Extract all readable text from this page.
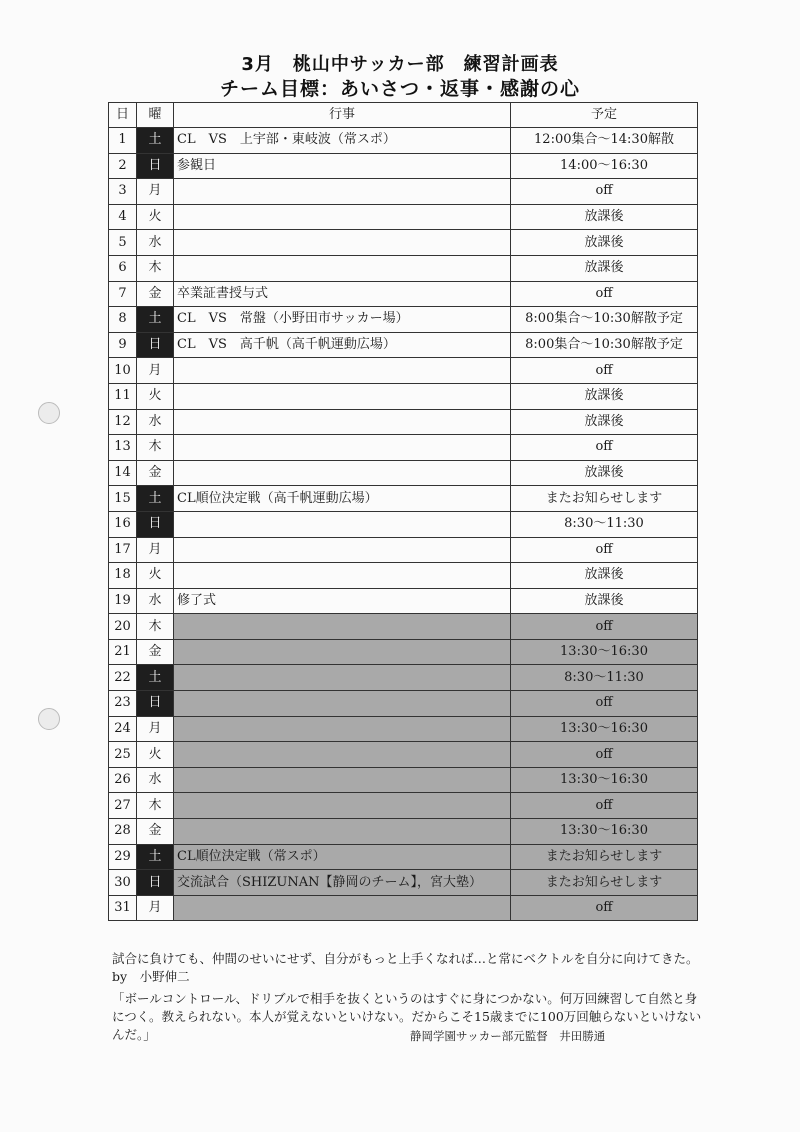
3月　桃山中サッカー部　練習計画表
チーム目標：あいさつ・返事・感謝の心
日	曜	行事	予定
1	土	CL　VS　上宇部・東岐波（常スポ）	12:00集合～14:30解散
2	日	参観日	14:00～16:30
3	月		off
4	火		放課後
5	水		放課後
6	木		放課後
7	金	卒業証書授与式	off
8	土	CL　VS　常盤（小野田市サッカー場）	8:00集合～10:30解散予定
9	日	CL　VS　高千帆（高千帆運動広場）	8:00集合～10:30解散予定
10	月		off
11	火		放課後
12	水		放課後
13	木		off
14	金		放課後
15	土	CL順位決定戦（高千帆運動広場）	またお知らせします
16	日		8:30～11:30
17	月		off
18	火		放課後
19	水	修了式	放課後
20	木		off
21	金		13:30～16:30
22	土		8:30～11:30
23	日		off
24	月		13:30～16:30
25	火		off
26	水		13:30～16:30
27	木		off
28	金		13:30～16:30
29	土	CL順位決定戦（常スポ）	またお知らせします
30	日	交流試合（SHIZUNAN【静岡のチーム】，宮大塾）	またお知らせします
31	月		off
試合に負けても、仲間のせいにせず、自分がもっと上手くなれば…と常にベクトルを自分に向けてきた。　by　小野伸二
「ボールコントロール、ドリブルで相手を抜くというのはすぐに身につかない。何万回練習して自然と身につく。教えられない。本人が覚えないといけない。だからこそ15歳までに100万回触らないといけないんだ。」	静岡学園サッカー部元監督　井田勝通
